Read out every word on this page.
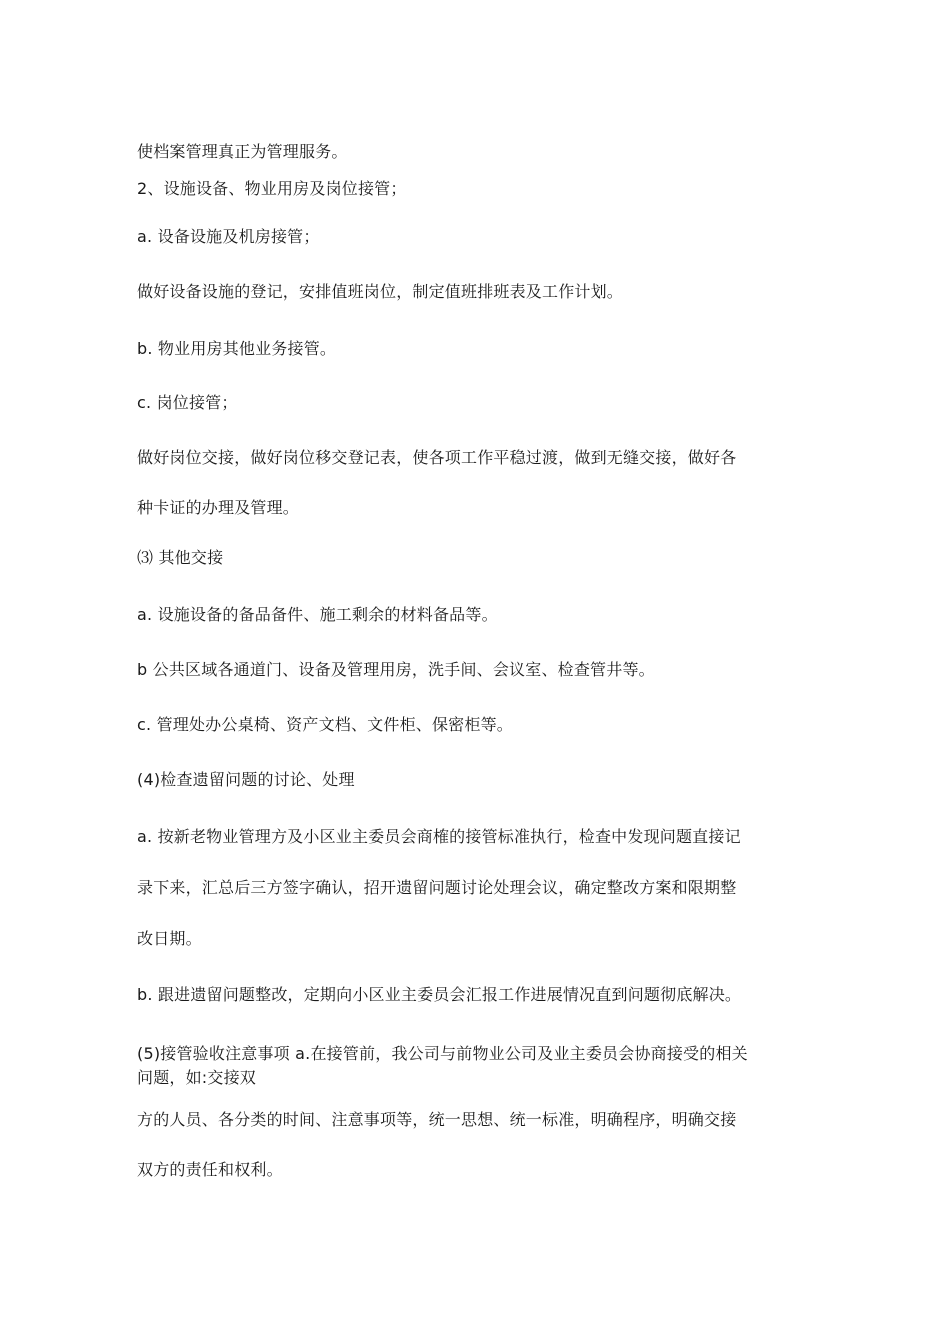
使档案管理真正为管理服务。
2、设施设备、物业用房及岗位接管；
a. 设备设施及机房接管；
做好设备设施的登记，安排值班岗位，制定值班排班表及工作计划。
b. 物业用房其他业务接管。
c. 岗位接管；
做好岗位交接，做好岗位移交登记表，使各项工作平稳过渡，做到无缝交接，做好各
种卡证的办理及管理。
⑶ 其他交接
a. 设施设备的备品备件、施工剩余的材料备品等。
b 公共区域各通道门、设备及管理用房，洗手间、会议室、检查管井等。
c. 管理处办公桌椅、资产文档、文件柜、保密柜等。
(4)检查遗留问题的讨论、处理
a. 按新老物业管理方及小区业主委员会商榷的接管标准执行，检查中发现问题直接记
录下来，汇总后三方签字确认，招开遗留问题讨论处理会议，确定整改方案和限期整
改日期。
b. 跟进遗留问题整改，定期向小区业主委员会汇报工作进展情况直到问题彻底解决。
(5)接管验收注意事项 a.在接管前，我公司与前物业公司及业主委员会协商接受的相关
问题，如:交接双
方的人员、各分类的时间、注意事项等，统一思想、统一标准，明确程序，明确交接
双方的责任和权利。
